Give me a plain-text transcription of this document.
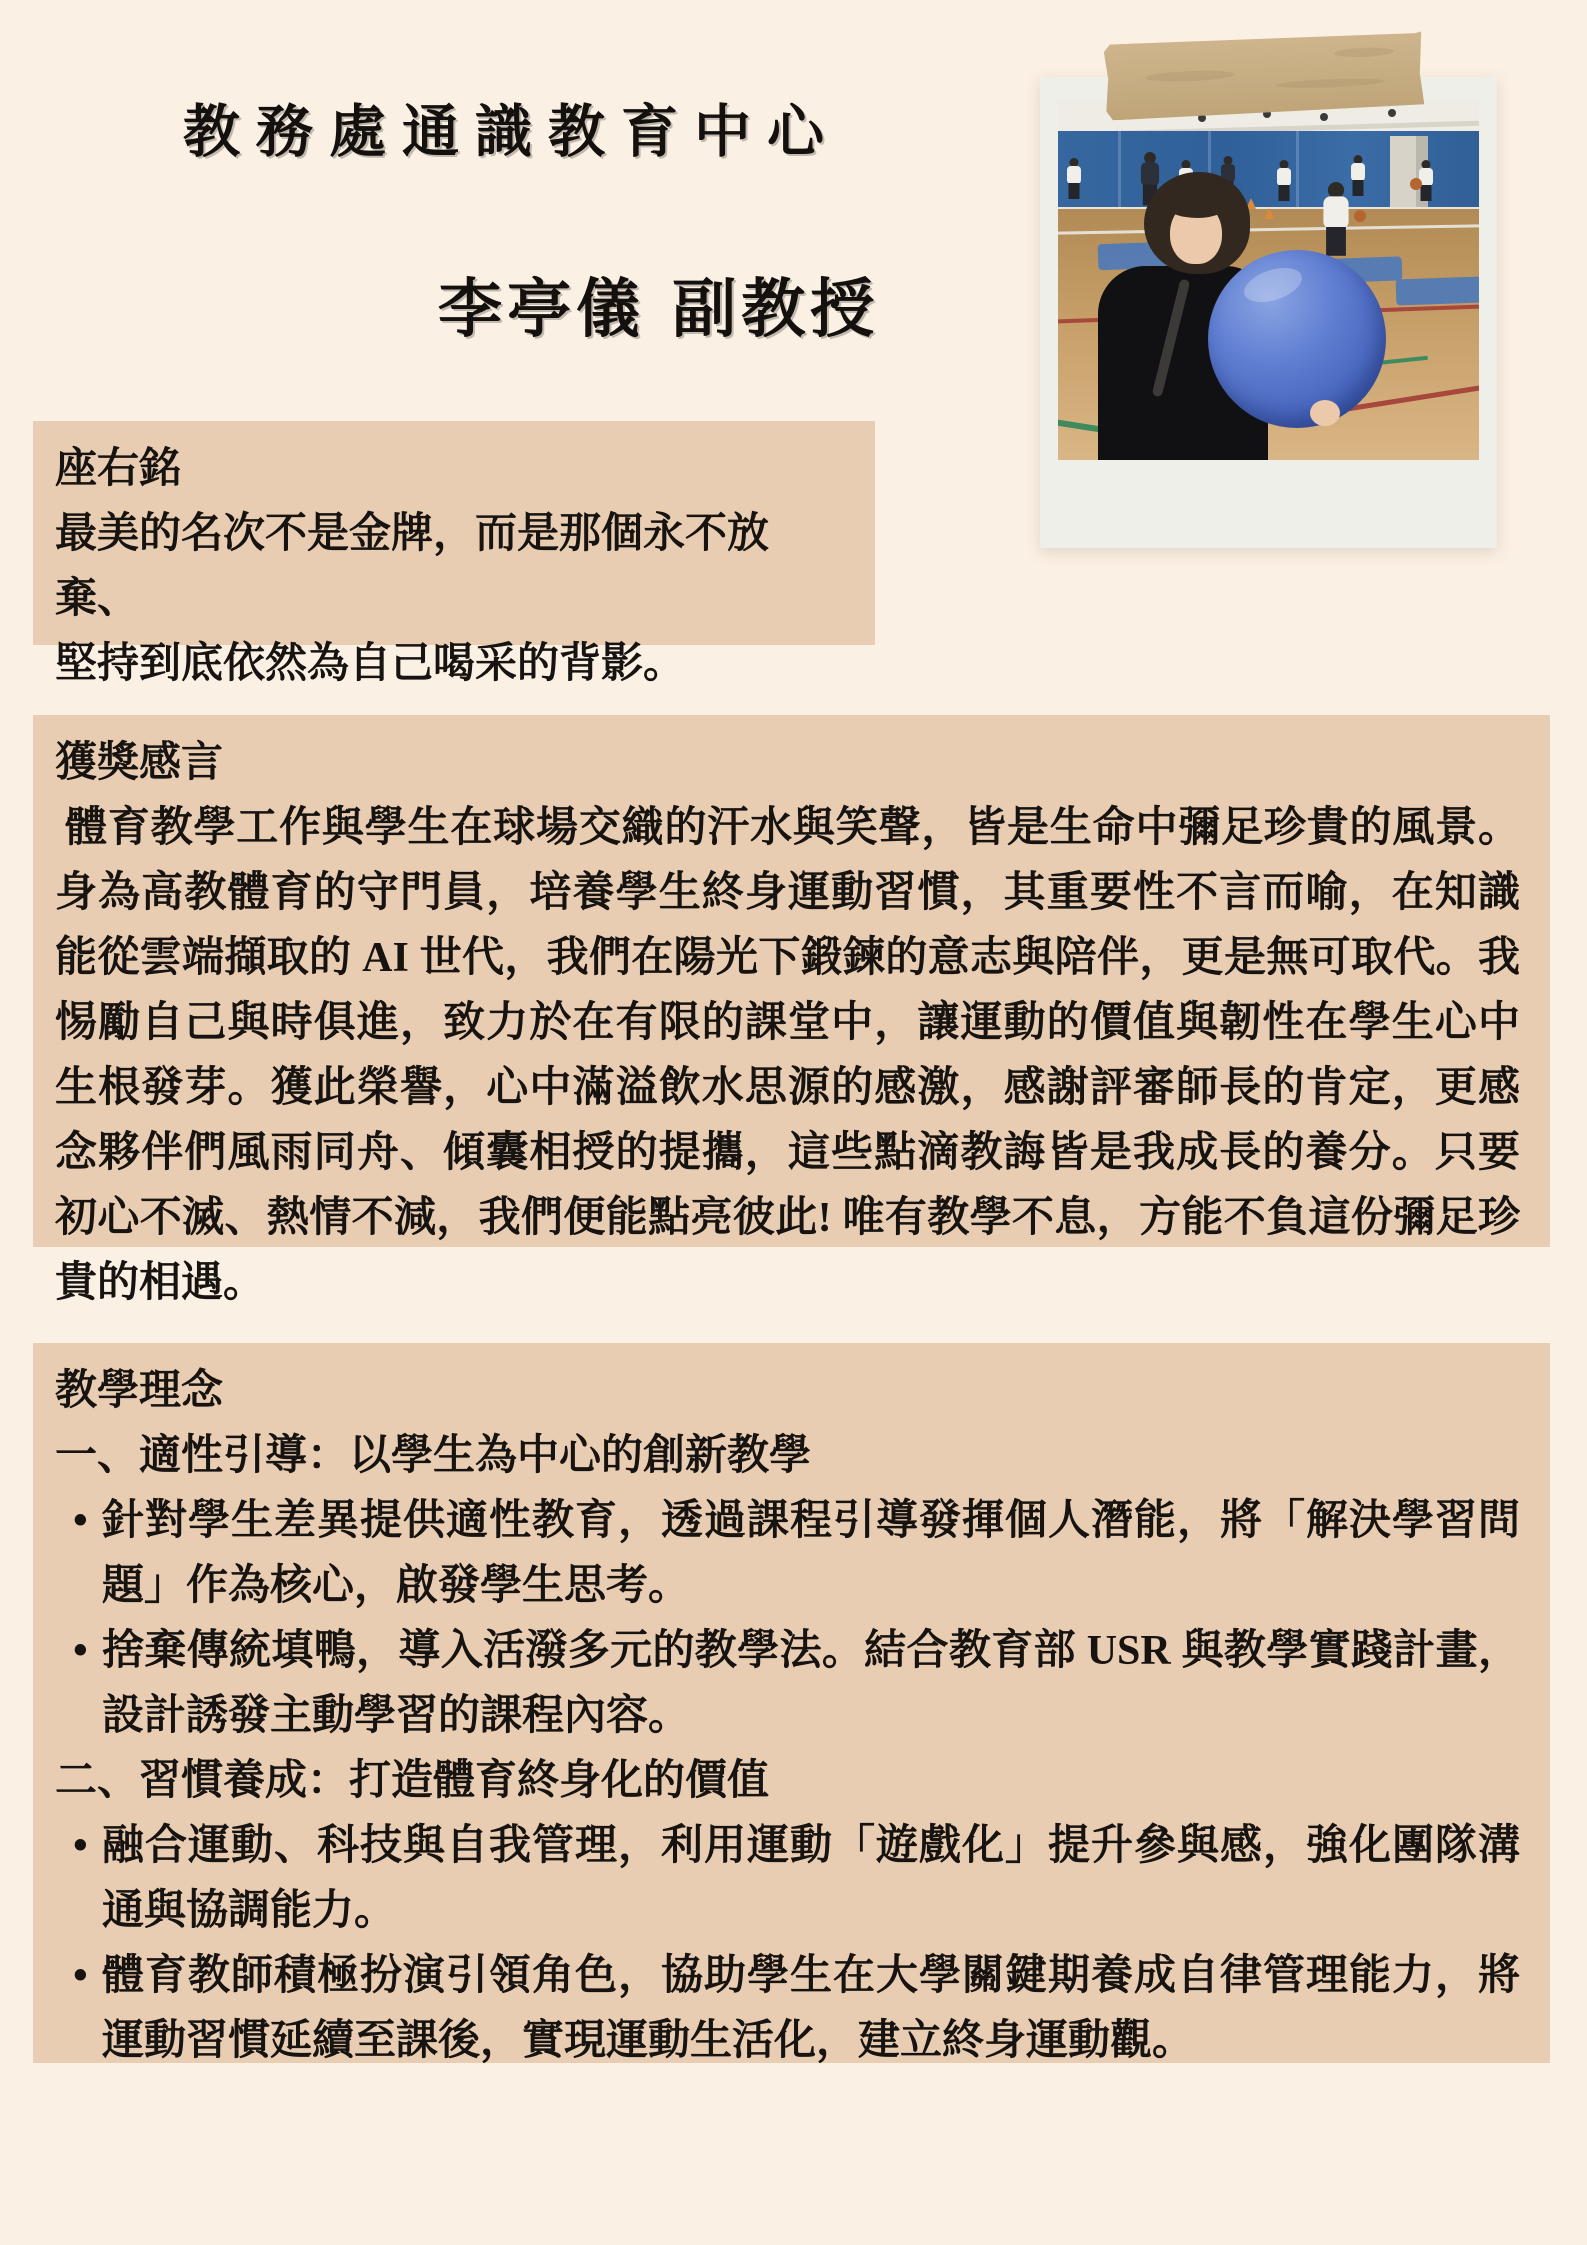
教務處通識教育中心
李亭儀 副教授
座右銘
最美的名次不是金牌，而是那個永不放棄、
堅持到底依然為自己喝采的背影。
獲獎感言
體育教學工作與學生在球場交織的汗水與笑聲，皆是生命中彌足珍貴的風景。身為高教體育的守門員，培養學生終身運動習慣，其重要性不言而喻，在知識能從雲端擷取的 AI 世代，我們在陽光下鍛鍊的意志與陪伴，更是無可取代。我惕勵自己與時俱進，致力於在有限的課堂中，讓運動的價值與韌性在學生心中生根發芽。獲此榮譽，心中滿溢飲水思源的感激，感謝評審師長的肯定，更感念夥伴們風雨同舟、傾囊相授的提攜，這些點滴教誨皆是我成長的養分。只要初心不滅、熱情不減，我們便能點亮彼此! 唯有教學不息，方能不負這份彌足珍貴的相遇。
教學理念
一、適性引導：以學生為中心的創新教學
• 針對學生差異提供適性教育，透過課程引導發揮個人潛能，將「解決學習問題」作為核心，啟發學生思考。
• 捨棄傳統填鴨，導入活潑多元的教學法。結合教育部 USR 與教學實踐計畫，設計誘發主動學習的課程內容。
二、習慣養成：打造體育終身化的價值
• 融合運動、科技與自我管理，利用運動「遊戲化」提升參與感，強化團隊溝通與協調能力。
• 體育教師積極扮演引領角色，協助學生在大學關鍵期養成自律管理能力，將運動習慣延續至課後，實現運動生活化，建立終身運動觀。
